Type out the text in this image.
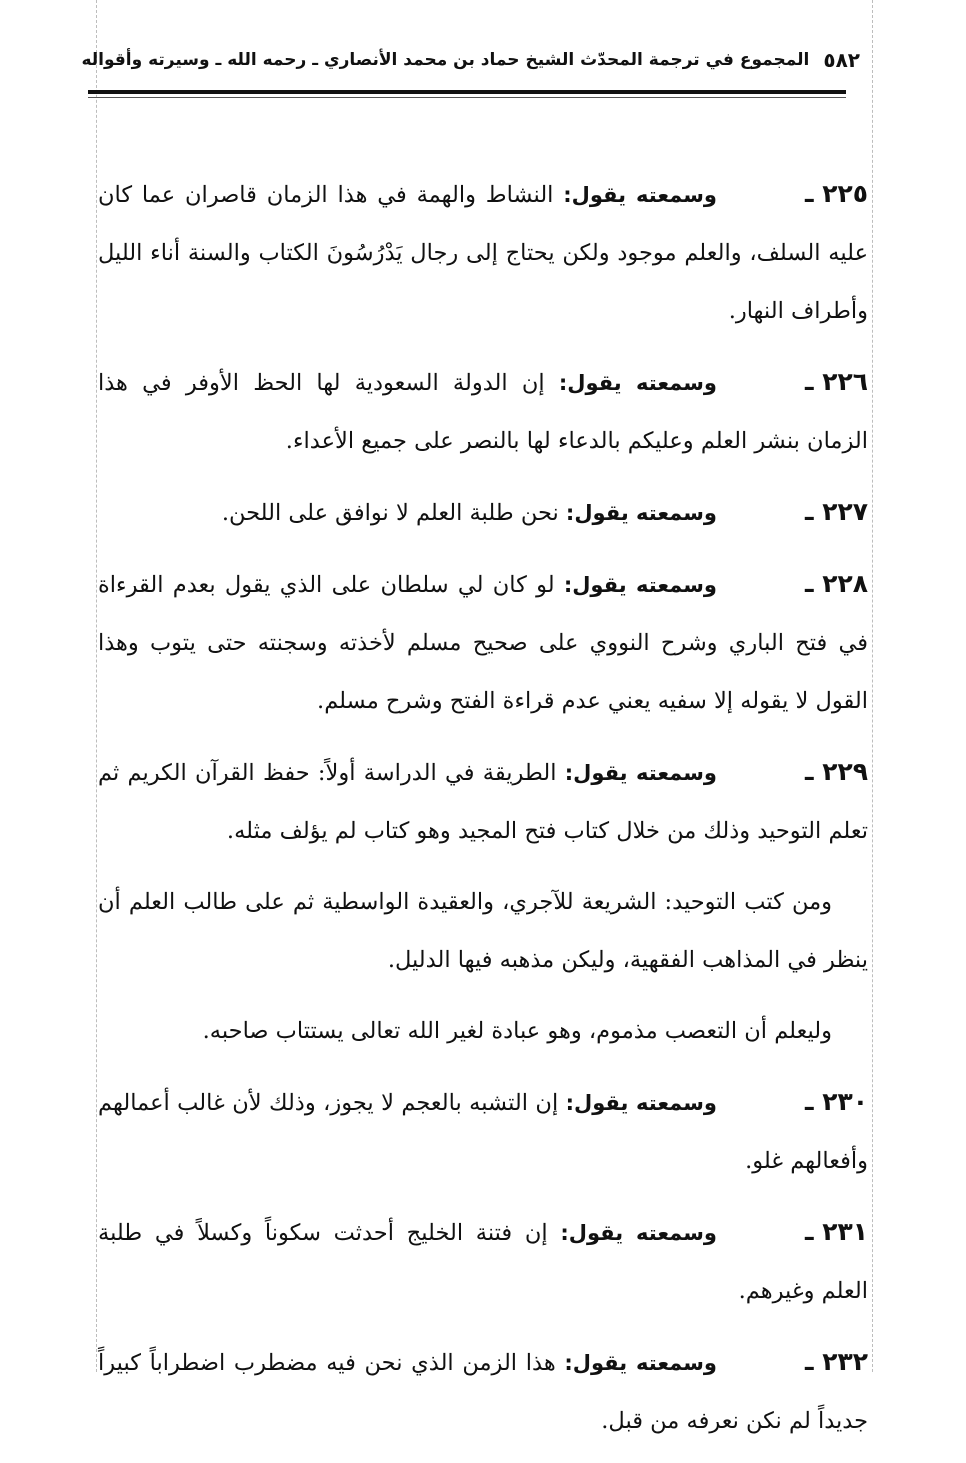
٥٨٢
المجموع في ترجمة المحدّث الشيخ حماد بن محمد الأنصاري ـ رحمه الله ـ وسيرته وأقواله

٢٢٥ ـوسمعته يقول: النشاط والهمة في هذا الزمان قاصران عما كان عليه السلف، والعلم موجود ولكن يحتاج إلى رجال يَدْرُسُونَ الكتاب والسنة أناء الليل وأطراف النهار.

٢٢٦ ـوسمعته يقول: إن الدولة السعودية لها الحظ الأوفر في هذا الزمان بنشر العلم وعليكم بالدعاء لها بالنصر على جميع الأعداء.

٢٢٧ ـوسمعته يقول: نحن طلبة العلم لا نوافق على اللحن.

٢٢٨ ـوسمعته يقول: لو كان لي سلطان على الذي يقول بعدم القرءاة في فتح الباري وشرح النووي على صحيح مسلم لأخذته وسجنته حتى يتوب وهذا القول لا يقوله إلا سفيه يعني عدم قراءة الفتح وشرح مسلم.

٢٢٩ ـوسمعته يقول: الطريقة في الدراسة أولاً: حفظ القرآن الكريم ثم تعلم التوحيد وذلك من خلال كتاب فتح المجيد وهو كتاب لم يؤلف مثله.

ومن كتب التوحيد: الشريعة للآجري، والعقيدة الواسطية ثم على طالب العلم أن ينظر في المذاهب الفقهية، وليكن مذهبه فيها الدليل.

وليعلم أن التعصب مذموم، وهو عبادة لغير الله تعالى يستتاب صاحبه.

٢٣٠ ـوسمعته يقول: إن التشبه بالعجم لا يجوز، وذلك لأن غالب أعمالهم وأفعالهم غلو.

٢٣١ ـوسمعته يقول: إن فتنة الخليج أحدثت سكوناً وكسلاً في طلبة العلم وغيرهم.

٢٣٢ ـوسمعته يقول: هذا الزمن الذي نحن فيه مضطرب اضطراباً كبيراً جديداً لم نكن نعرفه من قبل.
